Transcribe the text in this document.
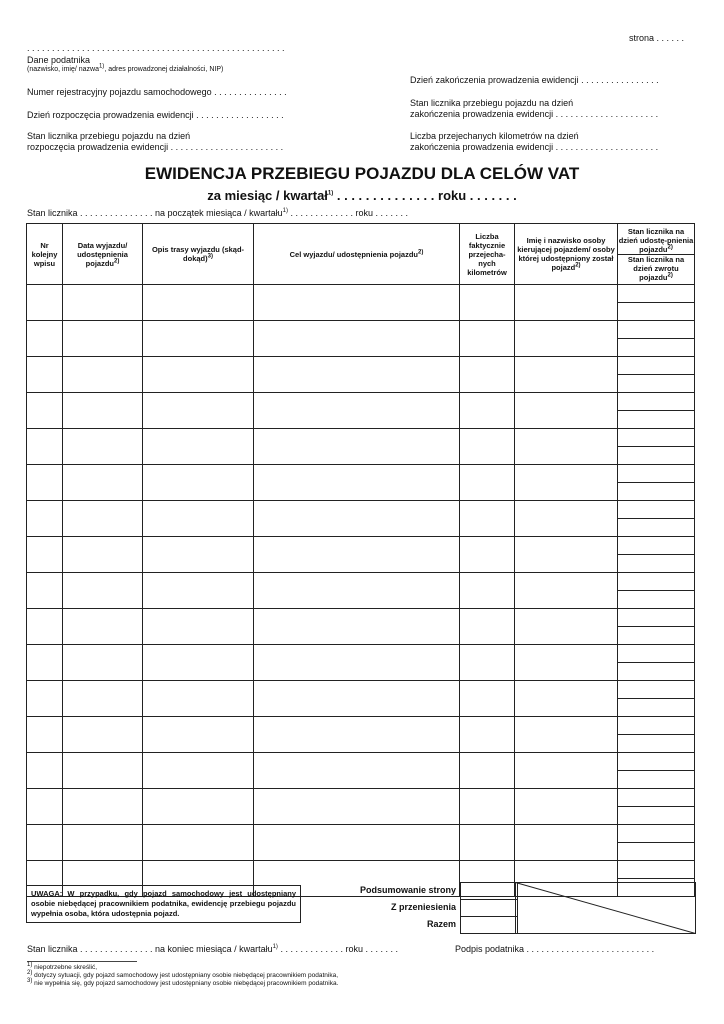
strona . . . . . .
. . . . . . . . . . . . . . . . . . . . . . . . . . . . . . . . . . . . . . . . . . . . . . . . . . . .
Dane podatnika
(nazwisko, imię/ nazwa$^{1)}$, adres prowadzonej działalności, NIP)
Numer rejestracyjny pojazdu samochodowego . . . . . . . . . . . . . . .
Dzień rozpoczęcia prowadzenia ewidencji . . . . . . . . . . . . . . . . . .
Stan licznika przebiegu pojazdu na dzień
rozpoczęcia prowadzenia ewidencji . . . . . . . . . . . . . . . . . . . . . . .
Dzień zakończenia prowadzenia ewidencji . . . . . . . . . . . . . . . .
Stan licznika przebiegu pojazdu na dzień
zakończenia prowadzenia ewidencji . . . . . . . . . . . . . . . . . . . . .
Liczba przejechanych kilometrów na dzień
zakończenia prowadzenia ewidencji . . . . . . . . . . . . . . . . . . . . .
EWIDENCJA PRZEBIEGU POJAZDU DLA CELÓW VAT
za miesiąc / kwartał$^{1)}$ . . . . . . . . . . . . . . roku . . . . . . .
Stan licznika . . . . . . . . . . . . . . . na początek miesiąca / kwartału$^{1)}$ . . . . . . . . . . . . . roku . . . . . . .
Nr kolejny wpisu	Data wyjazdu/ udostępnienia pojazdu$^{2)}$	Opis trasy wyjazdu (skąd-dokąd)$^{3)}$	Cel wyjazdu/ udostępnienia pojazdu$^{2)}$	Liczba faktycznie przejecha-nych kilometrów	Imię i nazwisko osoby kierującej pojazdem/ osoby której udostępniony został pojazd$^{2)}$	Stan licznika na dzień udostę-pnienia pojazdu$^{2)}$
Stan licznika na dzień zwrotu pojazdu$^{2)}$

UWAGA: W przypadku, gdy pojazd samochodowy jest udostępniany osobie niebędącej pracownikiem podatnika, ewidencję przebiegu pojazdu wypełnia osoba, która udostępnia pojazd.
Podsumowanie strony
Z przeniesienia
Razem

Stan licznika . . . . . . . . . . . . . . . na koniec miesiąca / kwartału$^{1)}$ . . . . . . . . . . . . . roku . . . . . . .	Podpis podatnika . . . . . . . . . . . . . . . . . . . . . . . . . .
$^{1)}$ niepotrzebne skreślić,
$^{2)}$ dotyczy sytuacji, gdy pojazd samochodowy jest udostępniany osobie niebędącej pracownikiem podatnika,
$^{3)}$ nie wypełnia się, gdy pojazd samochodowy jest udostępniany osobie niebędącej pracownikiem podatnika.
